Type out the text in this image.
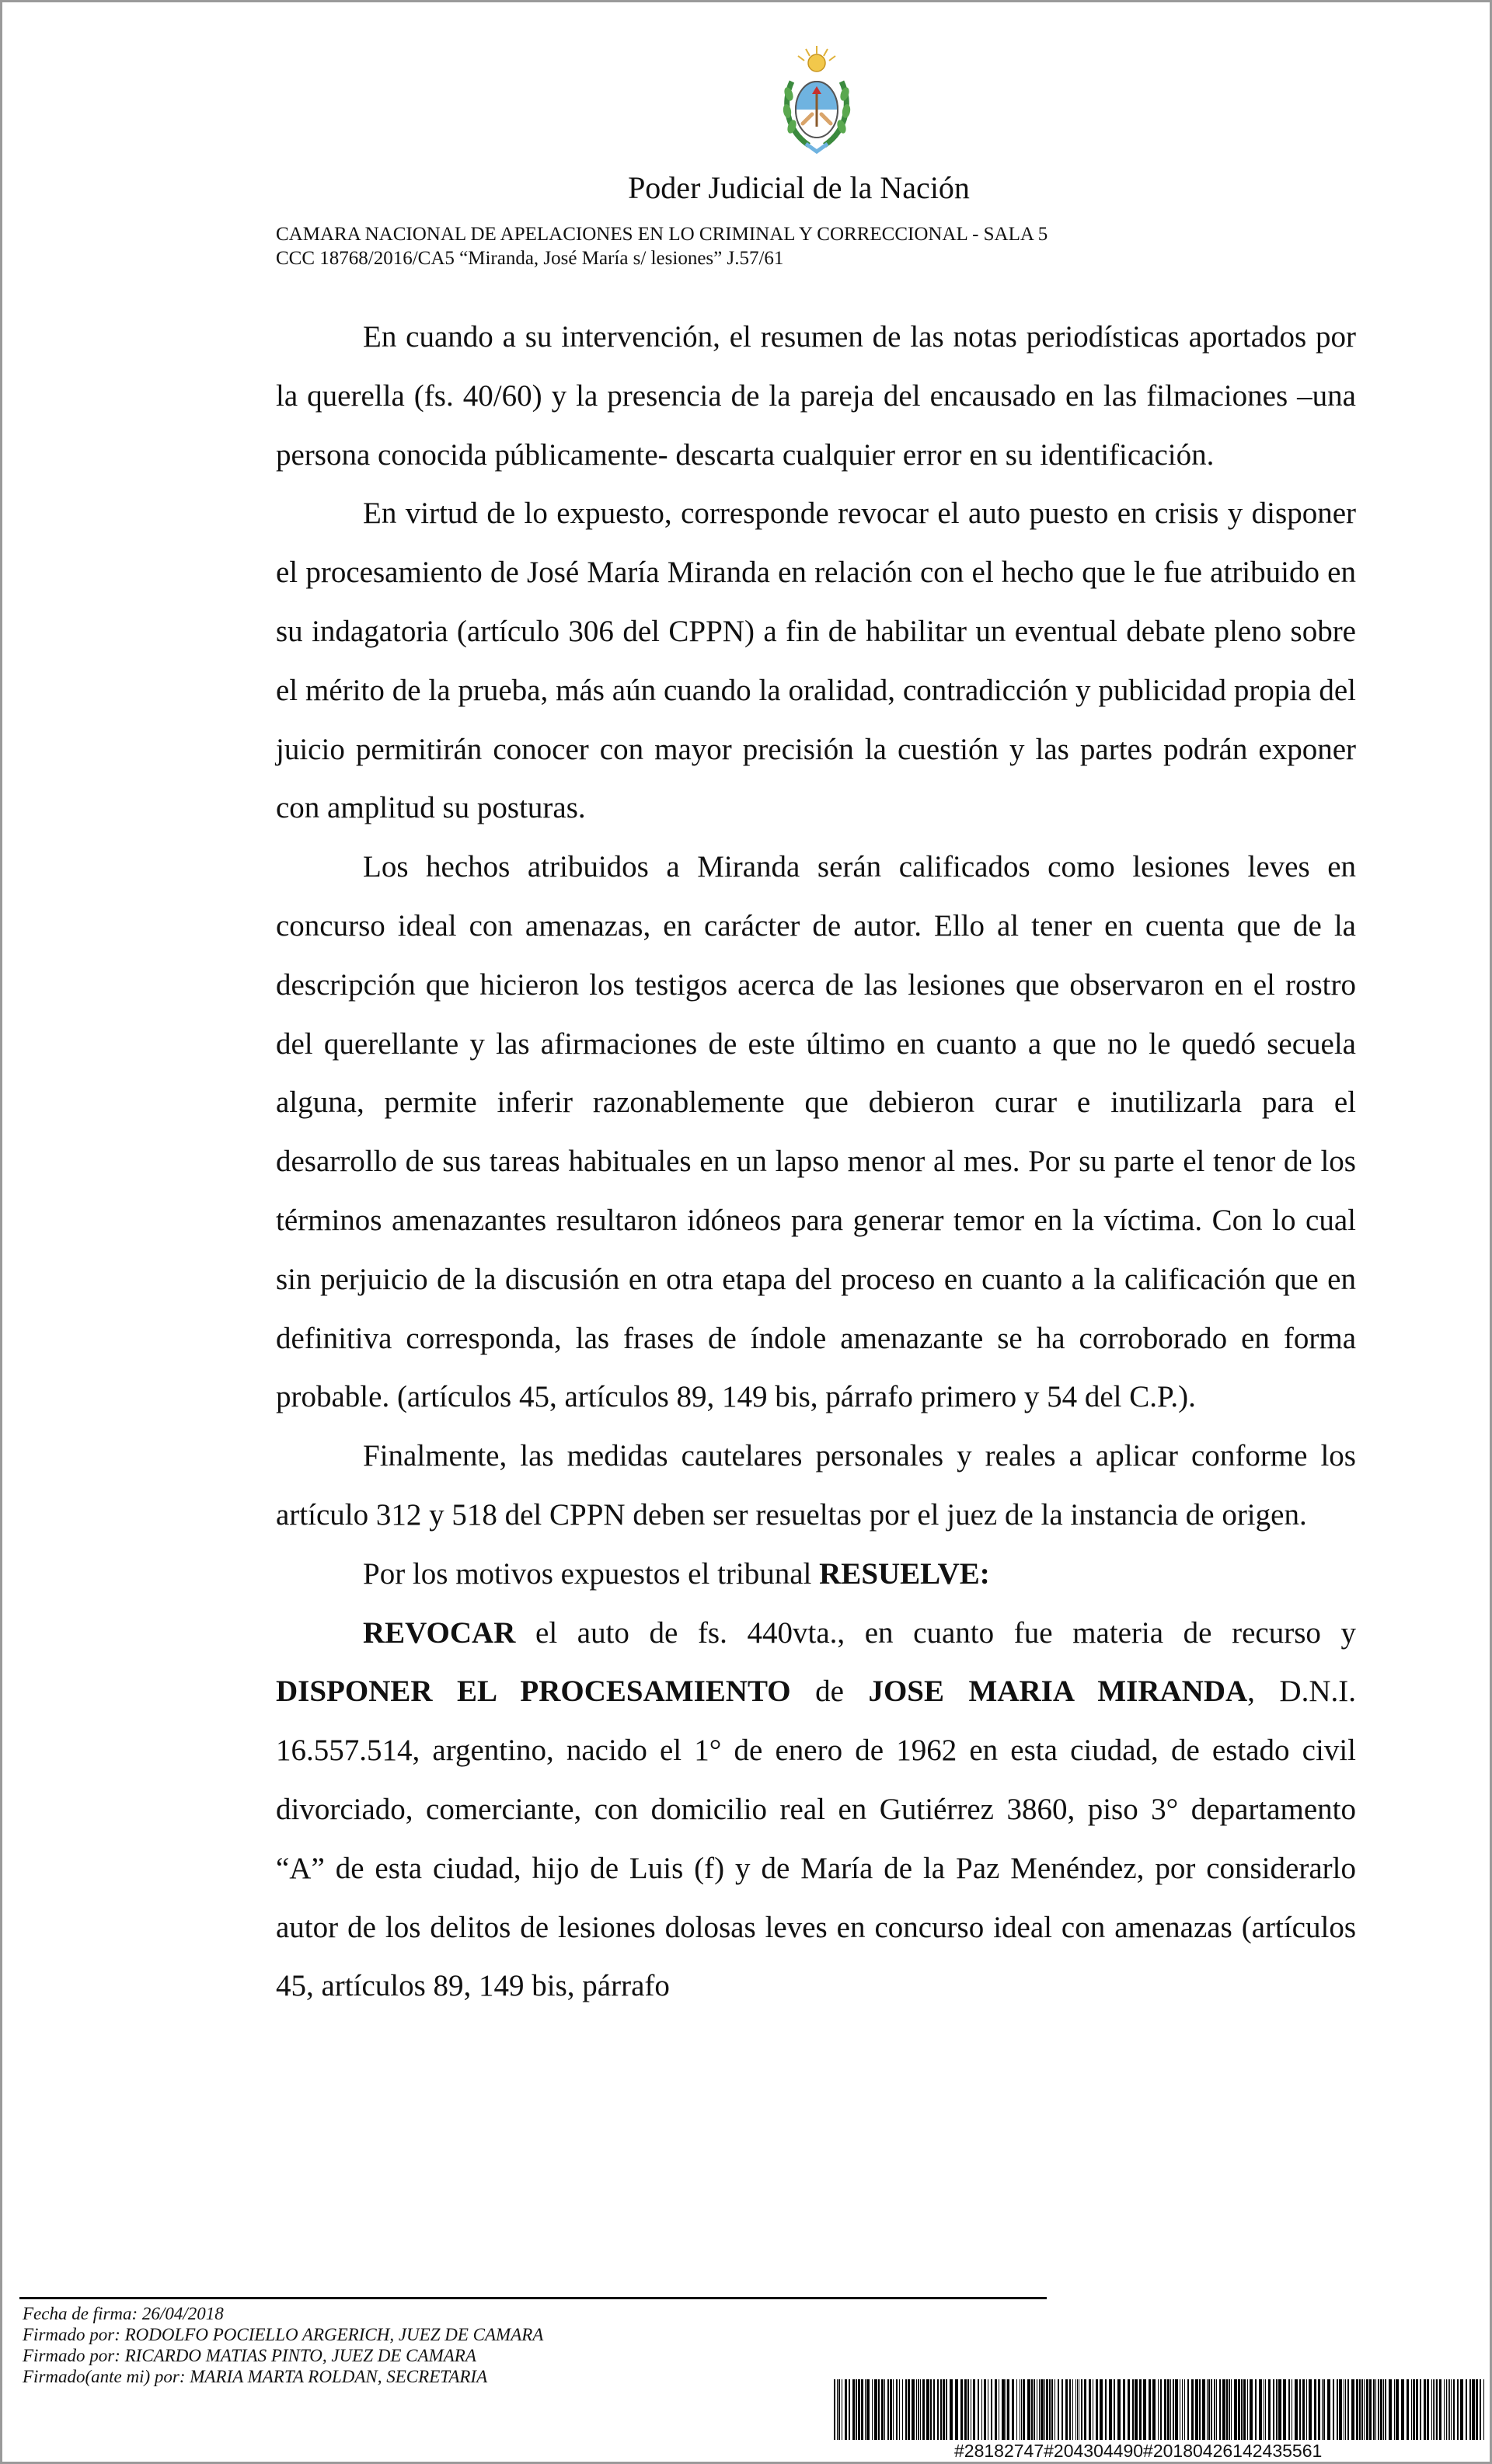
Poder Judicial de la Nación
CAMARA NACIONAL DE APELACIONES EN LO CRIMINAL Y CORRECCIONAL - SALA 5
CCC 18768/2016/CA5 “Miranda, José María s/ lesiones” J.57/61

En cuando a su intervención, el resumen de las notas periodísticas aportados por la querella (fs. 40/60) y la presencia de la pareja del encausado en las filmaciones –una persona conocida públicamente- descarta cualquier error en su identificación.

En virtud de lo expuesto, corresponde revocar el auto puesto en crisis y disponer el procesamiento de José María Miranda en relación con el hecho que le fue atribuido en su indagatoria (artículo 306 del CPPN) a fin de habilitar un eventual debate pleno sobre el mérito de la prueba, más aún cuando la oralidad, contradicción y publicidad propia del juicio permitirán conocer con mayor precisión la cuestión y las partes podrán exponer con amplitud su posturas.

Los hechos atribuidos a Miranda serán calificados como lesiones leves en concurso ideal con amenazas, en carácter de autor. Ello al tener en cuenta que de la descripción que hicieron los testigos acerca de las lesiones que observaron en el rostro del querellante y las afirmaciones de este último en cuanto a que no le quedó secuela alguna, permite inferir razonablemente que debieron curar e inutilizarla para el desarrollo de sus tareas habituales en un lapso menor al mes. Por su parte el tenor de los términos amenazantes resultaron idóneos para generar temor en la víctima. Con lo cual sin perjuicio de la discusión en otra etapa del proceso en cuanto a la calificación que en definitiva corresponda, las frases de índole amenazante se ha corroborado en forma probable. (artículos 45, artículos 89, 149 bis, párrafo primero y 54 del C.P.).

Finalmente, las medidas cautelares personales y reales a aplicar conforme los artículo 312 y 518 del CPPN deben ser resueltas por el juez de la instancia de origen.

Por los motivos expuestos el tribunal RESUELVE:

REVOCAR el auto de fs. 440vta., en cuanto fue materia de recurso y DISPONER EL PROCESAMIENTO de JOSE MARIA MIRANDA, D.N.I. 16.557.514, argentino, nacido el 1° de enero de 1962 en esta ciudad, de estado civil divorciado, comerciante, con domicilio real en Gutiérrez 3860, piso 3° departamento “A” de esta ciudad, hijo de Luis (f) y de María de la Paz Menéndez, por considerarlo autor de los delitos de lesiones dolosas leves en concurso ideal con amenazas (artículos 45, artículos 89, 149 bis, párrafo

Fecha de firma: 26/04/2018
Firmado por: RODOLFO POCIELLO ARGERICH, JUEZ DE CAMARA
Firmado por: RICARDO MATIAS PINTO, JUEZ DE CAMARA
Firmado(ante mi) por: MARIA MARTA ROLDAN, SECRETARIA
#28182747#204304490#20180426142435561
